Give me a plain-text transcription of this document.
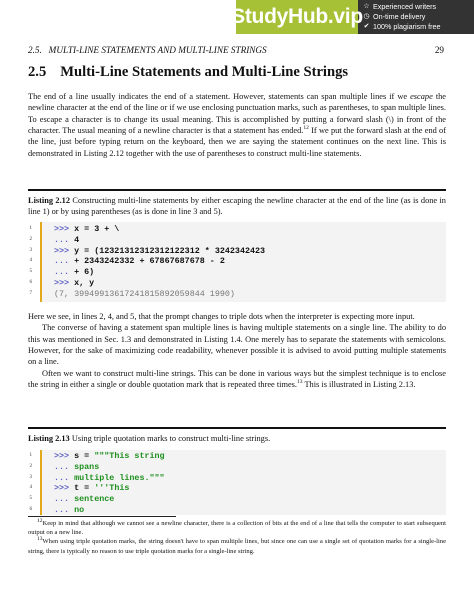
StudyHub.vip ☆ Experienced writers
◷ On-time delivery
✔ 100% plagiarism free
2.5.   MULTI-LINE STATEMENTS AND MULTI-LINE STRINGS	29
2.5 Multi-Line Statements and Multi-Line Strings

The end of a line usually indicates the end of a statement. However, statements can span multiple lines if we escape the newline character at the end of the line or if we use enclosing punctuation marks, such as parentheses, to span multiple lines. To escape a character is to change its usual meaning. This is accomplished by putting a forward slash (\) in front of the character. The usual meaning of a newline character is that a statement has ended.$^{12}$ If we put the forward slash at the end of the line, just before typing return on the keyboard, then we are saying the statement continues on the next line. This is demonstrated in Listing 2.12 together with the use of parentheses to construct multi-line statements.

Listing 2.12 Constructing multi-line statements by either escaping the newline character at the end of the line (as is done in line 1) or by using parentheses (as is done in line 3 and 5).
1	>>> x = 3 + \
2	... 4
3	>>> y = (12321312312312122312 * 3242342423
4	... + 2343242332 + 67867687678 - 2
5	... + 6)
6	>>> x, y
7	(7, 39949913617241815892059844 1990)

Here we see, in lines 2, 4, and 5, that the prompt changes to triple dots when the interpreter is expecting more input.

The converse of having a statement span multiple lines is having multiple statements on a single line. The ability to do this was mentioned in Sec. 1.3 and demonstrated in Listing 1.4. One merely has to separate the statements with semicolons. However, for the sake of maximizing code readability, whenever possible it is advised to avoid putting multiple statements on a line.

Often we want to construct multi-line strings. This can be done in various ways but the simplest technique is to enclose the string in either a single or double quotation mark that is repeated three times.$^{13}$ This is illustrated in Listing 2.13.

Listing 2.13 Using triple quotation marks to construct multi-line strings.
1	>>> s = """This string
2	... spans
3	... multiple lines."""
4	>>> t = '''This
5	... sentence
6	... no

$^{12}$Keep in mind that although we cannot see a newline character, there is a collection of bits at the end of a line that tells the computer to start subsequent output on a new line.

$^{13}$When using triple quotation marks, the string doesn't have to span multiple lines, but since one can use a single set of quotation marks for a single-line string, there is typically no reason to use triple quotation marks for a single-line string.
